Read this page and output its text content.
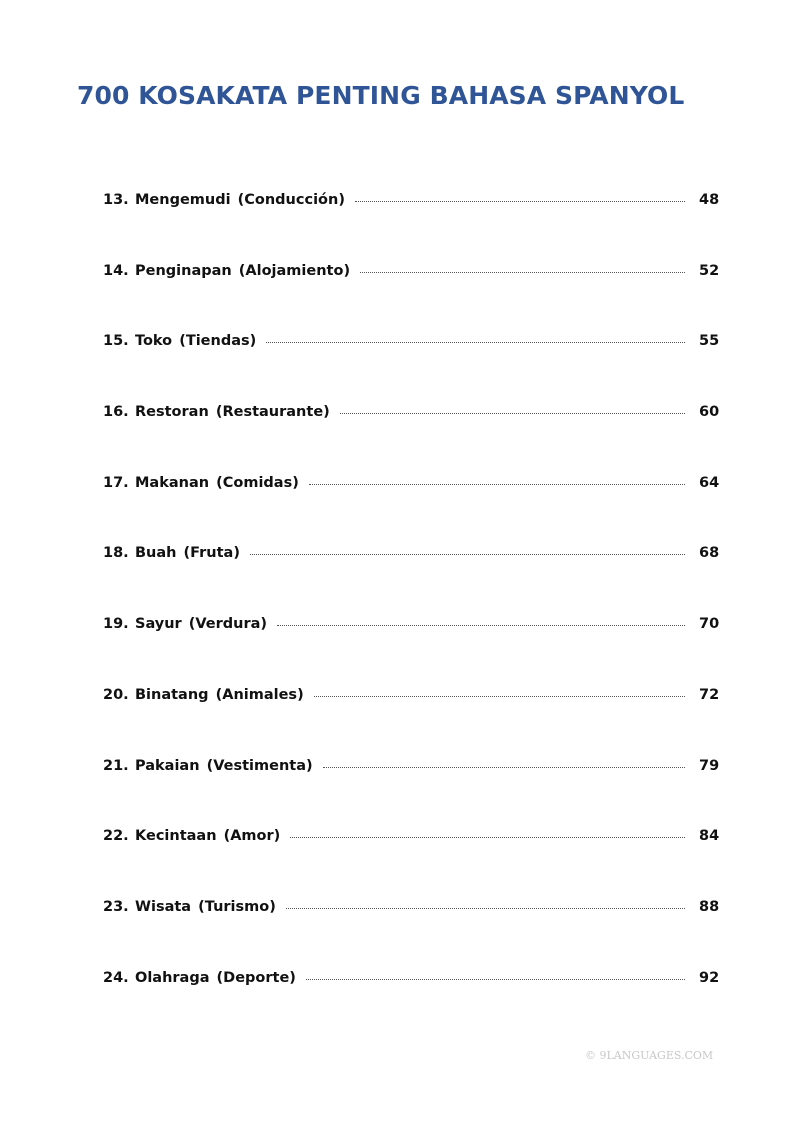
700 KOSAKATA PENTING BAHASA SPANYOL
13. Mengemudi (Conducción)	48
14. Penginapan (Alojamiento)	52
15. Toko (Tiendas)	55
16. Restoran (Restaurante)	60
17. Makanan (Comidas)	64
18. Buah (Fruta)	68
19. Sayur (Verdura)	70
20. Binatang (Animales)	72
21. Pakaian (Vestimenta)	79
22. Kecintaan (Amor)	84
23. Wisata (Turismo)	88
24. Olahraga (Deporte)	92
© 9LANGUAGES.COM
